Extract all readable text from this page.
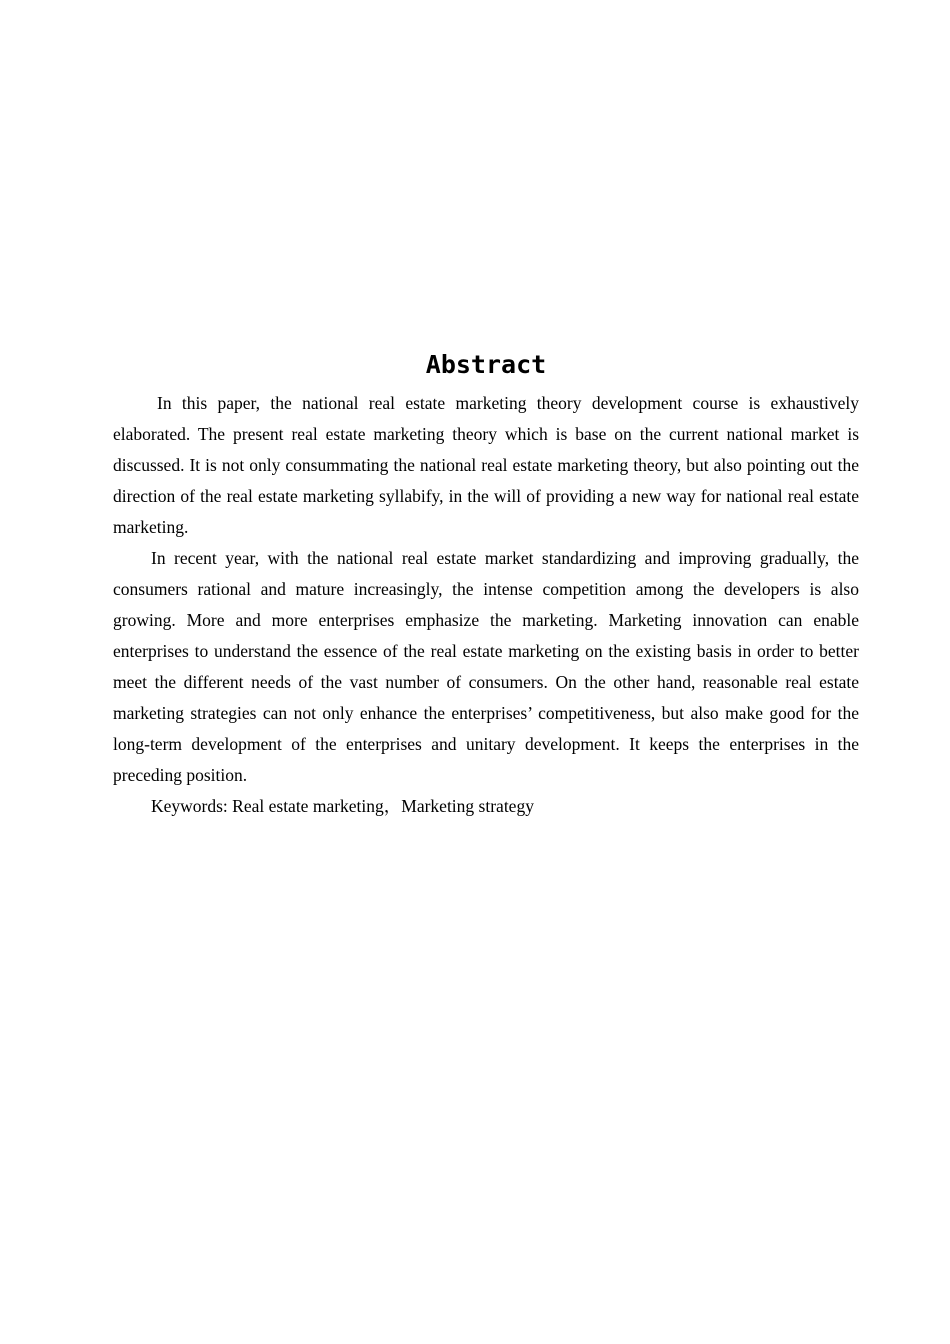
Abstract

In this paper, the national real estate marketing theory development course is exhaustively elaborated. The present real estate marketing theory which is base on the current national market is discussed. It is not only consummating the national real estate marketing theory, but also pointing out the direction of the real estate marketing syllabify, in the will of providing a new way for national real estate marketing.

In recent year, with the national real estate market standardizing and improving gradually, the consumers rational and mature increasingly, the intense competition among the developers is also growing. More and more enterprises emphasize the marketing. Marketing innovation can enable enterprises to understand the essence of the real estate marketing on the existing basis in order to better meet the different needs of the vast number of consumers. On the other hand, reasonable real estate marketing strategies can not only enhance the enterprises’ competitiveness, but also make good for the long-term development of the enterprises and unitary development. It keeps the enterprises in the preceding position.

Keywords: Real estate marketing，Marketing strategy
